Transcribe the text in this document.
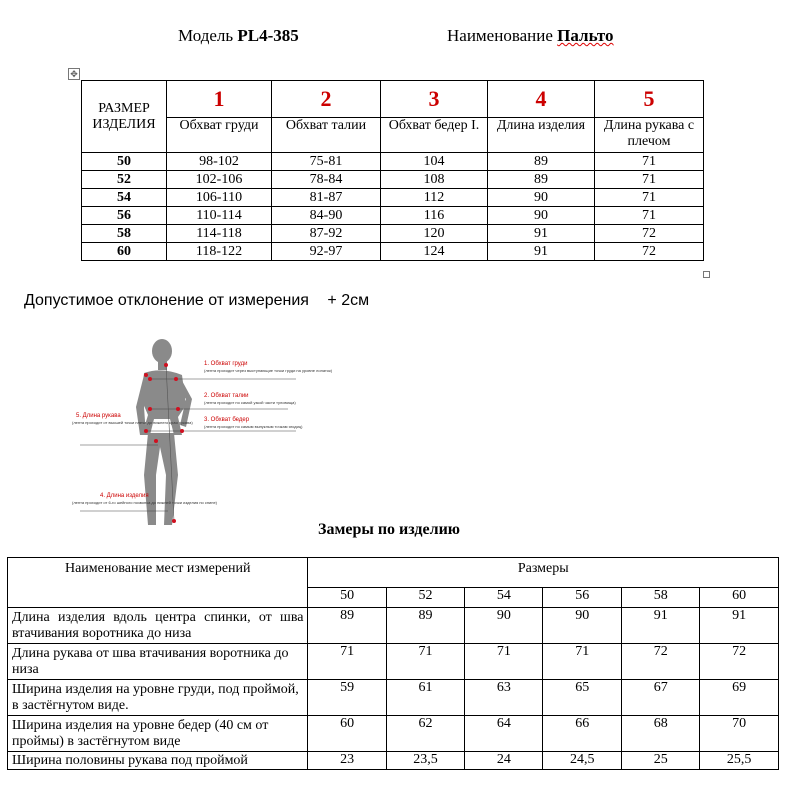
Модель PL4-385	Наименование Пальто
✥
РАЗМЕР ИЗДЕЛИЯ	1	2	3	4	5
	Обхват груди	Обхват талии	Обхват бедер I.	Длина изделия	Длина рукава с плечом
50	98-102	75-81	104	89	71
52	102-106	78-84	108	89	71
54	106-110	81-87	112	90	71
56	110-114	84-90	116	90	71
58	114-118	87-92	120	91	72
60	118-122	92-97	124	91	72
Допустимое отклонение от измерения + 2см
1. Обхват груди
2. Обхват талии
3. Обхват бедер
5. Длина рукава
4. Длина изделия
(лента проходит через выступающие точки груди на уровне лопаток)
(лента проходит по самой узкой части туловища)
(лента проходит по самым выпуклым точкам ягодиц)
(лента проходит от высшей точки плеча до нижнего края рукава)
(лента проходит от 6-го шейного позвонка до нижней точки изделия по спине)
Замеры по изделию
Наименование мест измерений	Размеры					
	50	52	54	56	58	60
Длина изделия вдоль центра спинки, от шва втачивания воротника до низа	89	89	90	90	91	91
Длина рукава от шва втачивания воротника до низа	71	71	71	71	72	72
Ширина изделия на уровне груди, под проймой, в застёгнутом виде.	59	61	63	65	67	69
Ширина изделия на уровне бедер (40 см от проймы) в застёгнутом виде	60	62	64	66	68	70
Ширина половины рукава под проймой	23	23,5	24	24,5	25	25,5
